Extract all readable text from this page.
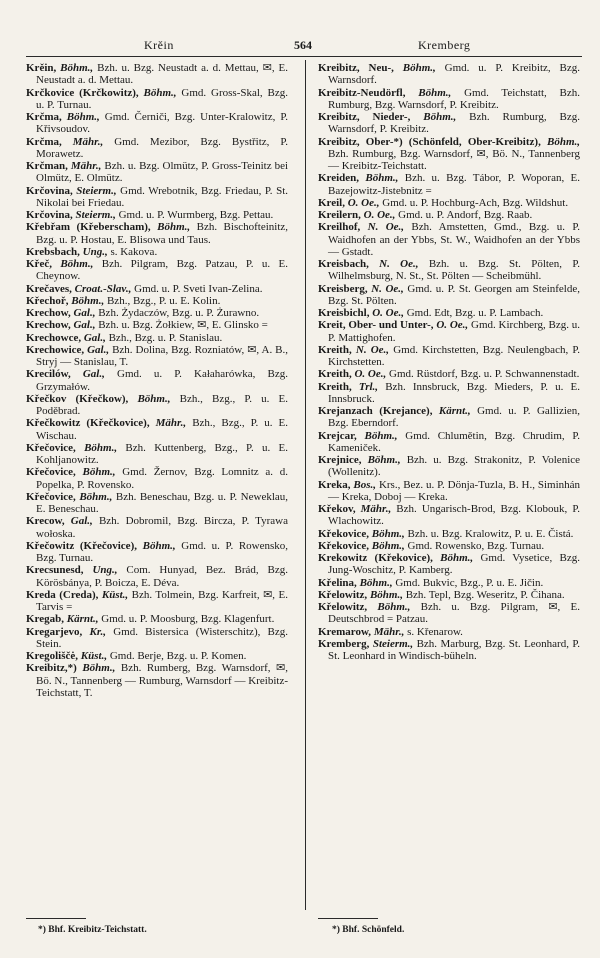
Krěin	564	Kremberg
Krěin, Böhm., Bzh. u. Bzg. Neustadt a. d. Mettau, ✉, E. Neustadt a. d. Mettau.
Krčkovice (Krčkowitz), Böhm., Gmd. Gross-Skal, Bzg. u. P. Turnau.
Krčma, Böhm., Gmd. Černiči, Bzg. Unter-Kralowitz, P. Křivsoudov.
Krčma, Mähr., Gmd. Mezibor, Bzg. Bystřitz, P. Morawetz.
Krčman, Mähr., Bzh. u. Bzg. Olmütz, P. Gross-Teinitz bei Olmütz, E. Olmütz.
Krčovina, Steierm., Gmd. Wrebotnik, Bzg. Friedau, P. St. Nikolai bei Friedau.
Krčovina, Steierm., Gmd. u. P. Wurmberg, Bzg. Pettau.
Křebřam (Křeberscham), Böhm., Bzh. Bischofteinitz, Bzg. u. P. Hostau, E. Blisowa und Taus.
Krebsbach, Ung., s. Kakova.
Křeč, Böhm., Bzh. Pilgram, Bzg. Patzau, P. u. E. Cheynow.
Krečaves, Croat.-Slav., Gmd. u. P. Sveti Ivan-Zelina.
Křechoř, Böhm., Bzh., Bzg., P. u. E. Kolin.
Krechow, Gal., Bzh. Żydaczów, Bzg. u. P. Żurawno.
Krechow, Gal., Bzh. u. Bzg. Żołkiew, ✉, E. Glinsko =
Krechowce, Gal., Bzh., Bzg. u. P. Stanislau.
Krechowice, Gal., Bzh. Dolina, Bzg. Rozniatów, ✉, A. B., Stryj — Stanislau, T.
Krecilów, Gal., Gmd. u. P. Kałaharówka, Bzg. Grzymałów.
Křečkov (Křečkow), Böhm., Bzh., Bzg., P. u. E. Poděbrad.
Křečkowitz (Křečkovice), Mähr., Bzh., Bzg., P. u. E. Wischau.
Křečovice, Böhm., Bzh. Kuttenberg, Bzg., P. u. E. Kohljanowitz.
Křečovice, Böhm., Gmd. Žernov, Bzg. Lomnitz a. d. Popelka, P. Rovensko.
Křečovice, Böhm., Bzh. Beneschau, Bzg. u. P. Neweklau, E. Beneschau.
Krecow, Gal., Bzh. Dobromil, Bzg. Bircza, P. Tyrawa wołoska.
Křečowitz (Křečovice), Böhm., Gmd. u. P. Rowensko, Bzg. Turnau.
Krecsunesd, Ung., Com. Hunyad, Bez. Brád, Bzg. Körösbánya, P. Boicza, E. Déva.
Kreda (Creda), Küst., Bzh. Tolmein, Bzg. Karfreit, ✉, E. Tarvis =
Kregab, Kärnt., Gmd. u. P. Moosburg, Bzg. Klagenfurt.
Kregarjevo, Kr., Gmd. Bistersica (Wisterschitz), Bzg. Stein.
Kregoliščė, Küst., Gmd. Berje, Bzg. u. P. Komen.
Kreibitz,*) Böhm., Bzh. Rumberg, Bzg. Warnsdorf, ✉, Bö. N., Tannenberg — Rumburg, Warnsdorf — Kreibitz-Teichstatt, T.
Kreibitz, Neu-, Böhm., Gmd. u. P. Kreibitz, Bzg. Warnsdorf.
Kreibitz-Neudörfl, Böhm., Gmd. Teichstatt, Bzh. Rumburg, Bzg. Warnsdorf, P. Kreibitz.
Kreibitz, Nieder-, Böhm., Bzh. Rumburg, Bzg. Warnsdorf, P. Kreibitz.
Kreibitz, Ober-*) (Schönfeld, Ober-Kreibitz), Böhm., Bzh. Rumburg, Bzg. Warnsdorf, ✉, Bö. N., Tannenberg — Kreibitz-Teichstatt.
Kreiden, Böhm., Bzh. u. Bzg. Tábor, P. Woporan, E. Bazejowitz-Jistebnitz =
Kreil, O. Oe., Gmd. u. P. Hochburg-Ach, Bzg. Wildshut.
Kreilern, O. Oe., Gmd. u. P. Andorf, Bzg. Raab.
Kreilhof, N. Oe., Bzh. Amstetten, Gmd., Bzg. u. P. Waidhofen an der Ybbs, St. W., Waidhofen an der Ybbs — Gstadt.
Kreisbach, N. Oe., Bzh. u. Bzg. St. Pölten, P. Wilhelmsburg, N. St., St. Pölten — Scheibmühl.
Kreisberg, N. Oe., Gmd. u. P. St. Georgen am Steinfelde, Bzg. St. Pölten.
Kreisbichl, O. Oe., Gmd. Edt, Bzg. u. P. Lambach.
Kreit, Ober- und Unter-, O. Oe., Gmd. Kirchberg, Bzg. u. P. Mattighofen.
Kreith, N. Oe., Gmd. Kirchstetten, Bzg. Neulengbach, P. Kirchstetten.
Kreith, O. Oe., Gmd. Rüstdorf, Bzg. u. P. Schwannenstadt.
Kreith, Trl., Bzh. Innsbruck, Bzg. Mieders, P. u. E. Innsbruck.
Krejanzach (Krejance), Kärnt., Gmd. u. P. Gallizien, Bzg. Eberndorf.
Krejcar, Böhm., Gmd. Chlumětin, Bzg. Chrudim, P. Kameniček.
Krejnice, Böhm., Bzh. u. Bzg. Strakonitz, P. Volenice (Wollenitz).
Kreka, Bos., Krs., Bez. u. P. Dönja-Tuzla, B. H., Siminhán — Kreka, Doboj — Kreka.
Křekov, Mähr., Bzh. Ungarisch-Brod, Bzg. Klobouk, P. Wlachowitz.
Křekovice, Böhm., Bzh. u. Bzg. Kralowitz, P. u. E. Čistá.
Křekovice, Böhm., Gmd. Rowensko, Bzg. Turnau.
Krekowitz (Křekovice), Böhm., Gmd. Vysetice, Bzg. Jung-Woschitz, P. Kamberg.
Křelina, Böhm., Gmd. Bukvic, Bzg., P. u. E. Jičin.
Křelowitz, Böhm., Bzh. Tepl, Bzg. Weseritz, P. Čihana.
Křelowitz, Böhm., Bzh. u. Bzg. Pilgram, ✉, E. Deutschbrod = Patzau.
Kremarow, Mähr., s. Křenarow.
Kremberg, Steierm., Bzh. Marburg, Bzg. St. Leonhard, P. St. Leonhard in Windisch-büheln.
*) Bhf. Kreibitz-Teichstatt.	*) Bhf. Schönfeld.
